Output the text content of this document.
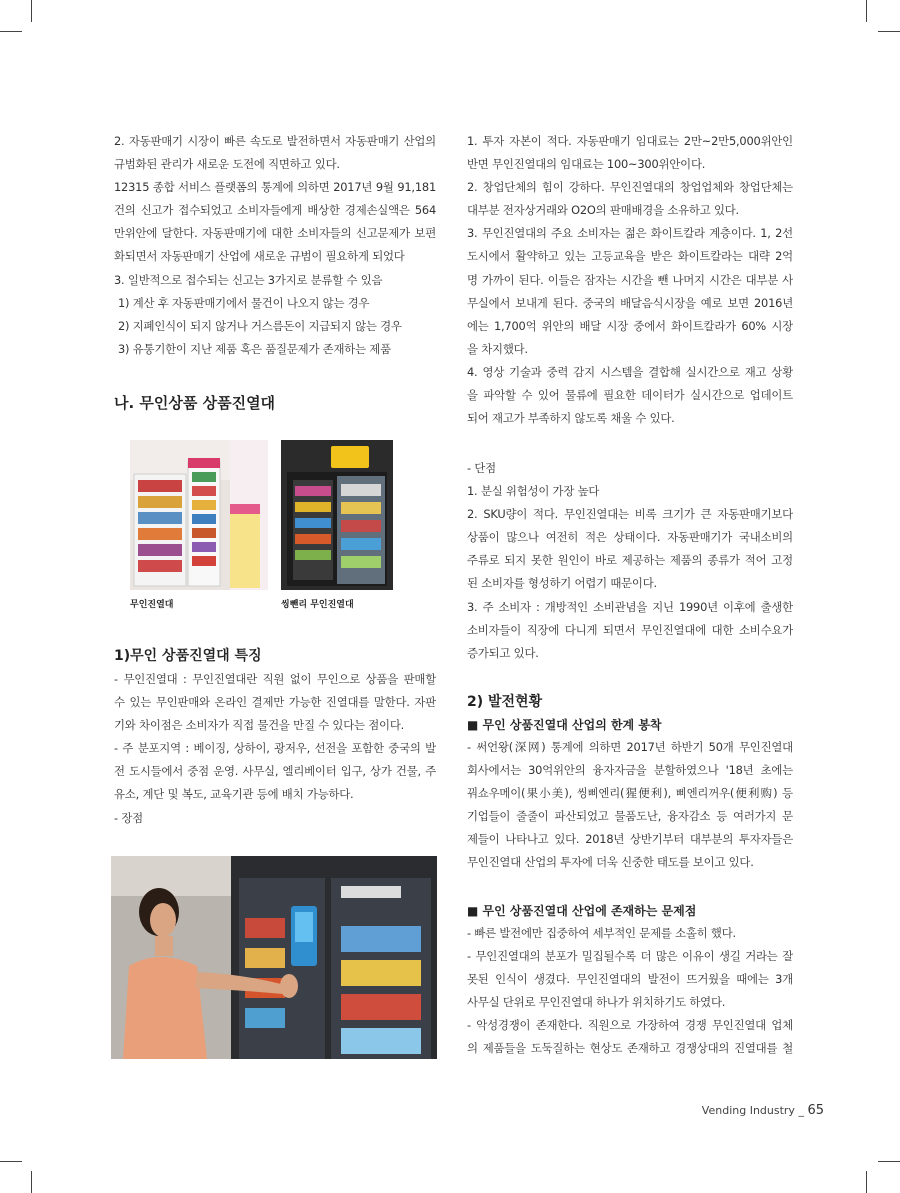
2. 자동판매기 시장이 빠른 속도로 발전하면서 자동판매기 산업의
규범화된 관리가 새로운 도전에 직면하고 있다.
12315 종합 서비스 플랫폼의 통계에 의하면 2017년 9월 91,181
건의 신고가 접수되었고 소비자들에게 배상한 경제손실액은 564
만위안에 달한다. 자동판매기에 대한 소비자들의 신고문제가 보편
화되면서 자동판매기 산업에 새로운 규범이 필요하게 되었다
3. 일반적으로 접수되는 신고는 3가지로 분류할 수 있음
1) 계산 후 자동판매기에서 물건이 나오지 않는 경우
2) 지폐인식이 되지 않거나 거스름돈이 지급되지 않는 경우
3) 유통기한이 지난 제품 혹은 품질문제가 존재하는 제품
나. 무인상품 상품진열대
무인진열대	씽뺀리 무인진열대
1)무인 상품진열대 특징
- 무인진열대 : 무인진열대란 직원 없이 무인으로 상품을 판매할
수 있는 무인판매와 온라인 결제만 가능한 진열대를 말한다. 자판
기와 차이점은 소비자가 직접 물건을 만질 수 있다는 점이다.
- 주 분포지역 : 베이징, 상하이, 광저우, 선전을 포함한 중국의 발
전 도시들에서 중점 운영. 사무실, 엘리베이터 입구, 상가 건물, 주
유소, 계단 및 복도, 교육기관 등에 배치 가능하다.
- 장점
1. 투자 자본이 적다. 자동판매기 임대료는 2만~2만5,000위안인
반면 무인진열대의 임대료는 100~300위안이다.
2. 창업단체의 힘이 강하다. 무인진열대의 창업업체와 창업단체는
대부분 전자상거래와 O2O의 판매배경을 소유하고 있다.
3. 무인진열대의 주요 소비자는 젊은 화이트칼라 계층이다. 1, 2선
도시에서 활약하고 있는 고등교육을 받은 화이트칼라는 대략 2억
명 가까이 된다. 이들은 잠자는 시간을 뺀 나머지 시간은 대부분 사
무실에서 보내게 된다. 중국의 배달음식시장을 예로 보면 2016년
에는 1,700억 위안의 배달 시장 중에서 화이트칼라가 60% 시장
을 차지했다.
4. 영상 기술과 중력 감지 시스템을 결합해 실시간으로 재고 상황
을 파악할 수 있어 물류에 필요한 데이터가 실시간으로 업데이트
되어 재고가 부족하지 않도록 채울 수 있다.
- 단점
1. 분실 위험성이 가장 높다
2. SKU량이 적다. 무인진열대는 비록 크기가 큰 자동판매기보다
상품이 많으나 여전히 적은 상태이다. 자동판매기가 국내소비의
주류로 되지 못한 원인이 바로 제공하는 제품의 종류가 적어 고정
된 소비자를 형성하기 어렵기 때문이다.
3. 주 소비자 : 개방적인 소비관념을 지닌 1990년 이후에 출생한
소비자들이 직장에 다니게 되면서 무인진열대에 대한 소비수요가
증가되고 있다.
2) 발전현황
■ 무인 상품진열대 산업의 한계 봉착
- 써언왕(深网) 통계에 의하면 2017년 하반기 50개 무인진열대
회사에서는 30억위안의 융자자금을 분할하였으나 '18년 초에는
꿔쇼우메이(果小美), 씽삐엔리(猩便利), 삐엔리꺼우(便利购) 등
기업들이 줄줄이 파산되었고 물품도난, 융자감소 등 여러가지 문
제들이 나타나고 있다. 2018년 상반기부터 대부분의 투자자들은
무인진열대 산업의 투자에 더욱 신중한 태도를 보이고 있다.
■ 무인 상품진열대 산업에 존재하는 문제점
- 빠른 발전에만 집중하여 세부적인 문제를 소홀히 했다.
- 무인진열대의 분포가 밀집될수록 더 많은 이유이 생길 거라는 잘
못된 인식이 생겼다. 무인진열대의 발전이 뜨거웠을 때에는 3개
사무실 단위로 무인진열대 하나가 위치하기도 하였다.
- 악성경쟁이 존재한다. 직원으로 가장하여 경쟁 무인진열대 업체
의 제품들을 도둑질하는 현상도 존재하고 경쟁상대의 진열대를 철
Vending Industry _ 65
